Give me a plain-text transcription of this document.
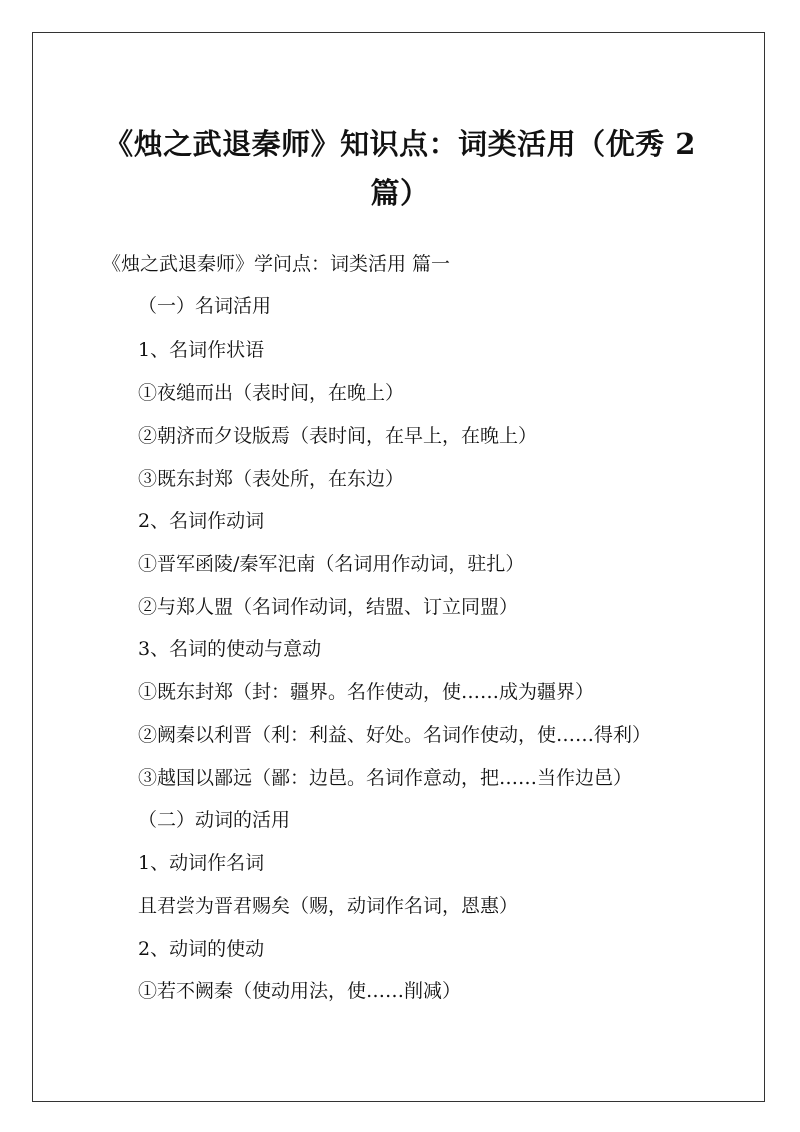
《烛之武退秦师》知识点：词类活用（优秀 2
篇）
《烛之武退秦师》学问点：词类活用 篇一
（一）名词活用
1、名词作状语
①夜缒而出（表时间，在晚上）
②朝济而夕设版焉（表时间，在早上，在晚上）
③既东封郑（表处所，在东边）
2、名词作动词
①晋军函陵/秦军汜南（名词用作动词，驻扎）
②与郑人盟（名词作动词，结盟、订立同盟）
3、名词的使动与意动
①既东封郑（封：疆界。名作使动，使……成为疆界）
②阙秦以利晋（利：利益、好处。名词作使动，使……得利）
③越国以鄙远（鄙：边邑。名词作意动，把……当作边邑）
（二）动词的活用
1、动词作名词
且君尝为晋君赐矣（赐，动词作名词，恩惠）
2、动词的使动
①若不阙秦（使动用法，使……削减）
